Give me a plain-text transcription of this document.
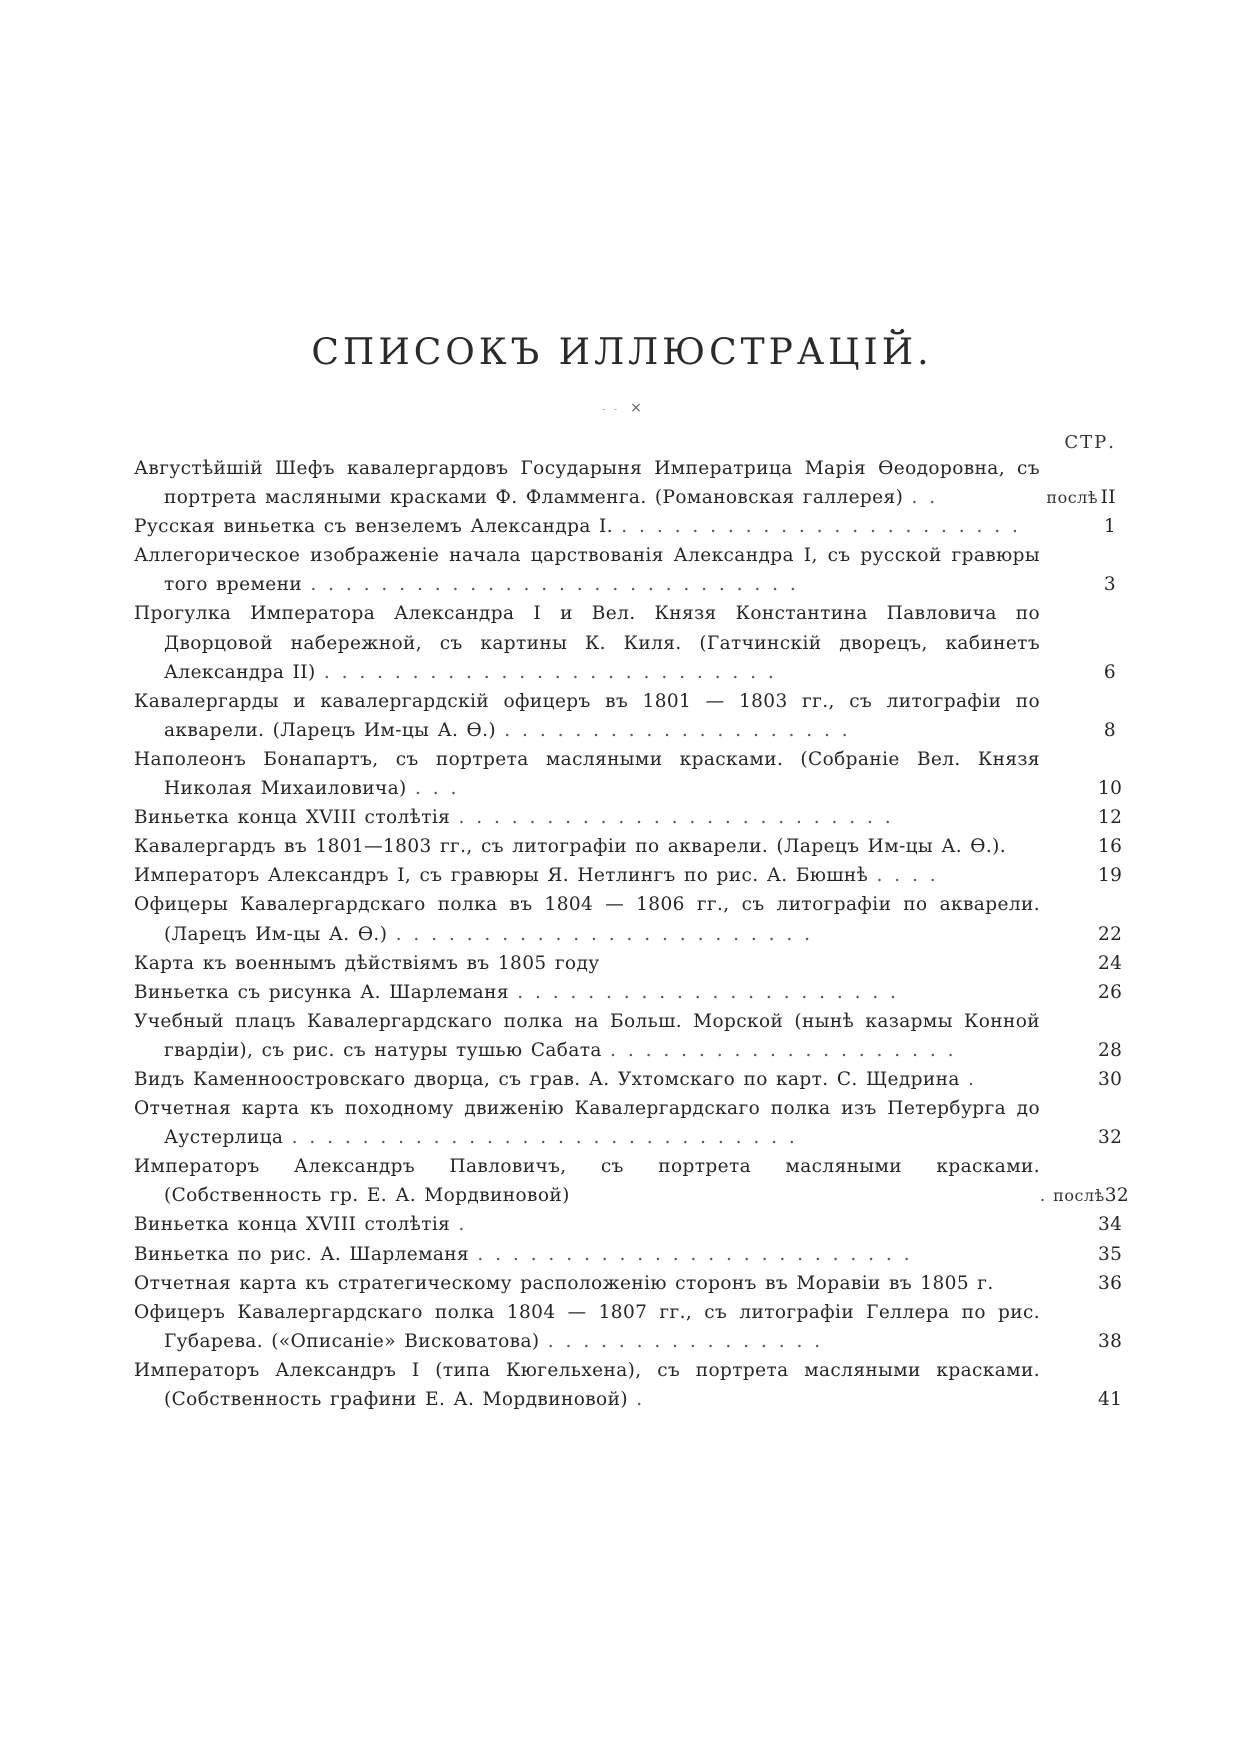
СПИСОКЪ ИЛЛЮСТРАЦІЙ.
- - ×
СТР.
Августѣйшій Шефъ кавалергардовъ Государыня Императрица Марія Ѳеодоровна, съ портрета масляными красками Ф. Фламменга. (Романовская галлерея) . .	послѣ II
Русская виньетка съ вензелемъ Александра I. . . . . . . . . . . . . . . . . . . . . . . .	1
Аллегорическое изображеніе начала царствованія Александра I, съ русской гравюры того времени . . . . . . . . . . . . . . . . . . . . . . . . . . . .	3
Прогулка Императора Александра I и Вел. Князя Константина Павловича по Дворцовой набережной, съ картины К. Киля. (Гатчинскій дворецъ, кабинетъ Александра II) . . . . . . . . . . . . . . . . . . . . . . . . . .	6
Кавалергарды и кавалергардскій офицеръ въ 1801 — 1803 гг., съ литографіи по акварели. (Ларецъ Им-цы А. Ѳ.) . . . . . . . . . . . . . . . . . . . .	8
Наполеонъ Бонапартъ, съ портрета масляными красками. (Собраніе Вел. Князя Николая Михаиловича) . . .	10
Виньетка конца XVIII столѣтія . . . . . . . . . . . . . . . . . . . . . . . . .	12
Кавалергардъ въ 1801—1803 гг., съ литографіи по акварели. (Ларецъ Им-цы А. Ѳ.).	16
Императоръ Александръ I, съ гравюры Я. Нетлингъ по рис. А. Бюшнѣ . . . .	19
Офицеры Кавалергардскаго полка въ 1804 — 1806 гг., съ литографіи по акварели. (Ларецъ Им-цы А. Ѳ.) . . . . . . . . . . . . . . . . . . . . . . . .	22
Карта къ военнымъ дѣйствіямъ въ 1805 году	24
Виньетка съ рисунка А. Шарлеманя . . . . . . . . . . . . . . . . . . . . . .	26
Учебный плацъ Кавалергардскаго полка на Больш. Морской (нынѣ казармы Конной гвардіи), съ рис. съ натуры тушью Сабата . . . . . . . . . . . . . . . . . . . .	28
Видъ Каменноостровскаго дворца, съ грав. А. Ухтомскаго по карт. С. Щедрина .	30
Отчетная карта къ походному движенію Кавалергардскаго полка изъ Петербурга до Аустерлица . . . . . . . . . . . . . . . . . . . . . . . . . . . . .	32
Императоръ Александръ Павловичъ, съ портрета масляными красками. (Собственность гр. Е. А. Мордвиновой)	. послѣ 32
Виньетка конца XVIII столѣтія .	34
Виньетка по рис. А. Шарлеманя . . . . . . . . . . . . . . . . . . . . . . . . .	35
Отчетная карта къ стратегическому расположенію сторонъ въ Моравіи въ 1805 г.	36
Офицеръ Кавалергардскаго полка 1804 — 1807 гг., съ литографіи Геллера по рис. Губарева. («Описаніе» Висковатова) . . . . . . . . . . . . . . . .	38
Императоръ Александръ I (типа Кюгельхена), съ портрета масляными красками. (Собственность графини Е. А. Мордвиновой) .	41
